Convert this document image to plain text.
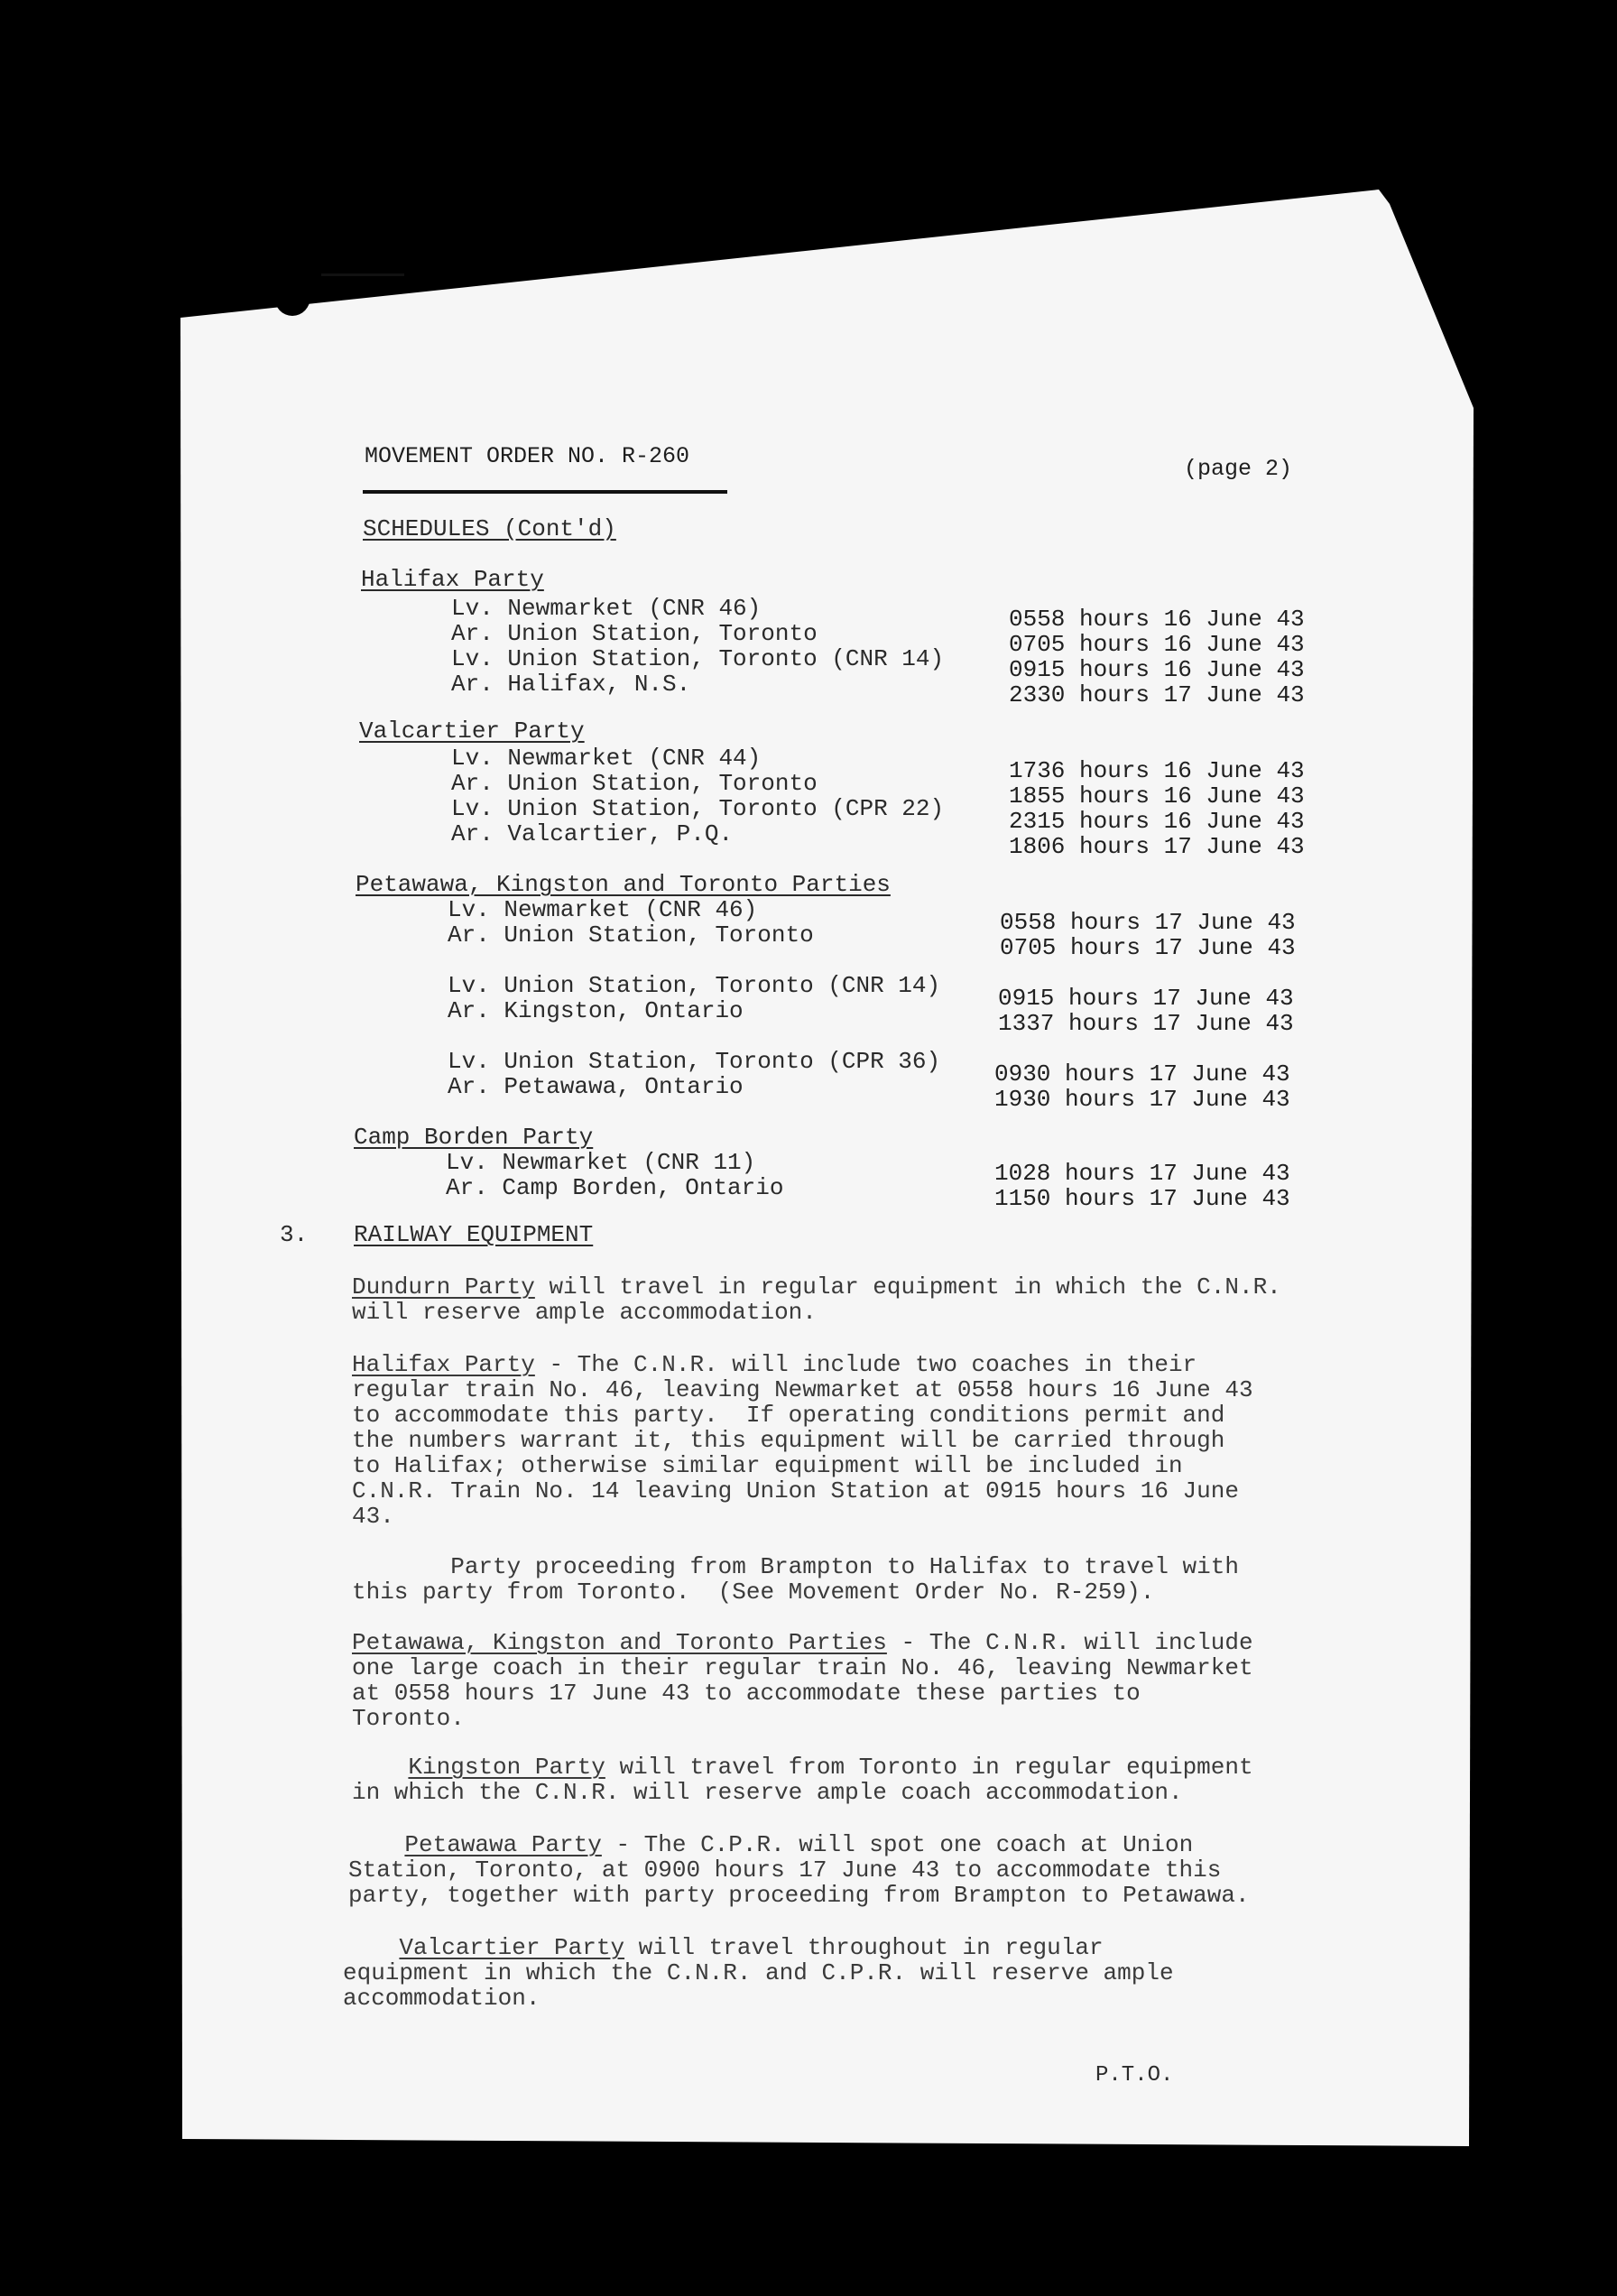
MOVEMENT ORDER NO. R-260	(page 2)
SCHEDULES (Cont'd)
Halifax Party
Lv. Newmarket (CNR 46)	0558 hours 16 June 43
Ar. Union Station, Toronto	0705 hours 16 June 43
Lv. Union Station, Toronto (CNR 14)	0915 hours 16 June 43
Ar. Halifax, N.S.	2330 hours 17 June 43
Valcartier Party
Lv. Newmarket (CNR 44)	1736 hours 16 June 43
Ar. Union Station, Toronto	1855 hours 16 June 43
Lv. Union Station, Toronto (CPR 22)	2315 hours 16 June 43
Ar. Valcartier, P.Q.	1806 hours 17 June 43
Petawawa, Kingston and Toronto Parties
Lv. Newmarket (CNR 46)	0558 hours 17 June 43
Ar. Union Station, Toronto	0705 hours 17 June 43
Lv. Union Station, Toronto (CNR 14) 0915 hours 17 June 43
Ar. Kingston, Ontario	1337 hours 17 June 43
Lv. Union Station, Toronto (CPR 36) 0930 hours 17 June 43
Ar. Petawawa, Ontario	1930 hours 17 June 43
Camp Borden Party
Lv. Newmarket (CNR 11)	1028 hours 17 June 43
Ar. Camp Borden, Ontario	1150 hours 17 June 43
3. RAILWAY EQUIPMENT
Dundurn Party will travel in regular equipment in which the C.N.R.
will reserve ample accommodation.
Halifax Party - The C.N.R. will include two coaches in their
regular train No. 46, leaving Newmarket at 0558 hours 16 June 43
to accommodate this party.  If operating conditions permit and
the numbers warrant it, this equipment will be carried through
to Halifax; otherwise similar equipment will be included in
C.N.R. Train No. 14 leaving Union Station at 0915 hours 16 June
43.
Party proceeding from Brampton to Halifax to travel with
this party from Toronto.  (See Movement Order No. R-259).
Petawawa, Kingston and Toronto Parties - The C.N.R. will include
one large coach in their regular train No. 46, leaving Newmarket
at 0558 hours 17 June 43 to accommodate these parties to
Toronto.
Kingston Party will travel from Toronto in regular equipment
in which the C.N.R. will reserve ample coach accommodation.
Petawawa Party - The C.P.R. will spot one coach at Union
Station, Toronto, at 0900 hours 17 June 43 to accommodate this
party, together with party proceeding from Brampton to Petawawa.
Valcartier Party will travel throughout in regular
equipment in which the C.N.R. and C.P.R. will reserve ample
accommodation.
P.T.O.
